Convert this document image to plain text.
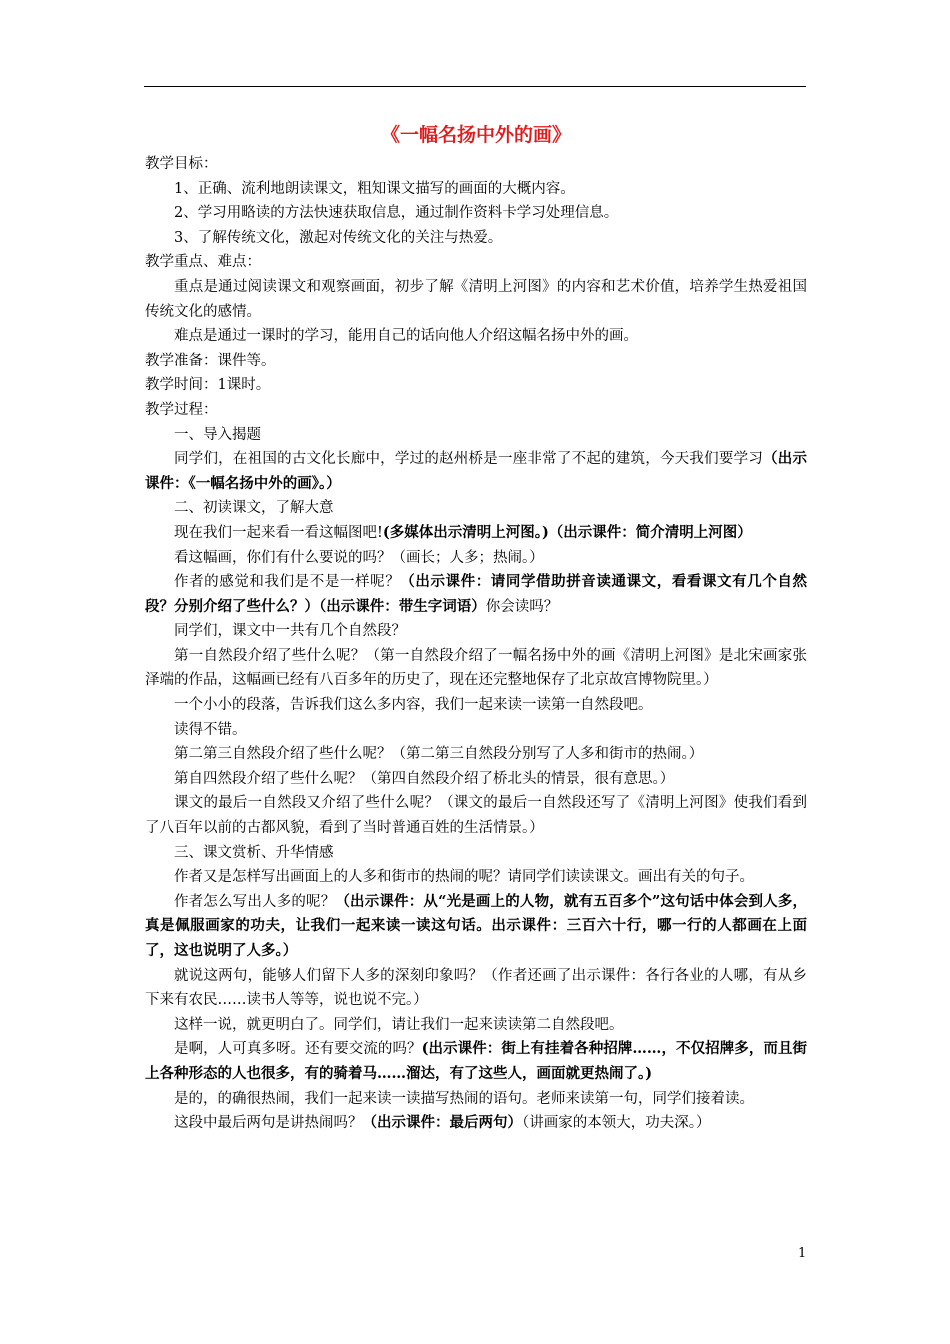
《一幅名扬中外的画》

教学目标：

1、正确、流利地朗读课文，粗知课文描写的画面的大概内容。

2、学习用略读的方法快速获取信息，通过制作资料卡学习处理信息。

3、了解传统文化，激起对传统文化的关注与热爱。

教学重点、难点：

重点是通过阅读课文和观察画面，初步了解《清明上河图》的内容和艺术价值，培养学生热爱祖国传统文化的感情。

难点是通过一课时的学习，能用自己的话向他人介绍这幅名扬中外的画。

教学准备：课件等。

教学时间：1课时。

教学过程：

一、导入揭题

同学们，在祖国的古文化长廊中，学过的赵州桥是一座非常了不起的建筑，今天我们要学习（出示课件：《一幅名扬中外的画》。）

二、初读课文，了解大意

现在我们一起来看一看这幅图吧!(多媒体出示清明上河图。)（出示课件：简介清明上河图）

看这幅画，你们有什么要说的吗？（画长；人多；热闹。）

作者的感觉和我们是不是一样呢？（出示课件：请同学借助拼音读通课文，看看课文有几个自然段？分别介绍了些什么？）（出示课件：带生字词语）你会读吗？

同学们，课文中一共有几个自然段？

第一自然段介绍了些什么呢？（第一自然段介绍了一幅名扬中外的画《清明上河图》是北宋画家张泽端的作品，这幅画已经有八百多年的历史了，现在还完整地保存了北京故宫博物院里。）

一个小小的段落，告诉我们这么多内容，我们一起来读一读第一自然段吧。

读得不错。

第二第三自然段介绍了些什么呢？（第二第三自然段分别写了人多和街市的热闹。）

第自四然段介绍了些什么呢？（第四自然段介绍了桥北头的情景，很有意思。）

课文的最后一自然段又介绍了些什么呢？（课文的最后一自然段还写了《清明上河图》使我们看到了八百年以前的古都风貌，看到了当时普通百姓的生活情景。）

三、课文赏析、升华情感

作者又是怎样写出画面上的人多和街市的热闹的呢？请同学们读读课文。画出有关的句子。

作者怎么写出人多的呢？（出示课件：从“光是画上的人物，就有五百多个”这句话中体会到人多，真是佩服画家的功夫，让我们一起来读一读这句话。出示课件：三百六十行，哪一行的人都画在上面了，这也说明了人多。）

就说这两句，能够人们留下人多的深刻印象吗？（作者还画了出示课件：各行各业的人哪，有从乡下来有农民……读书人等等，说也说不完。）

这样一说，就更明白了。同学们，请让我们一起来读读第二自然段吧。

是啊，人可真多呀。还有要交流的吗？(出示课件：街上有挂着各种招牌……，不仅招牌多，而且街上各种形态的人也很多，有的骑着马……溜达，有了这些人，画面就更热闹了。)

是的，的确很热闹，我们一起来读一读描写热闹的语句。老师来读第一句，同学们接着读。

这段中最后两句是讲热闹吗？（出示课件：最后两句）（讲画家的本领大，功夫深。）

1
